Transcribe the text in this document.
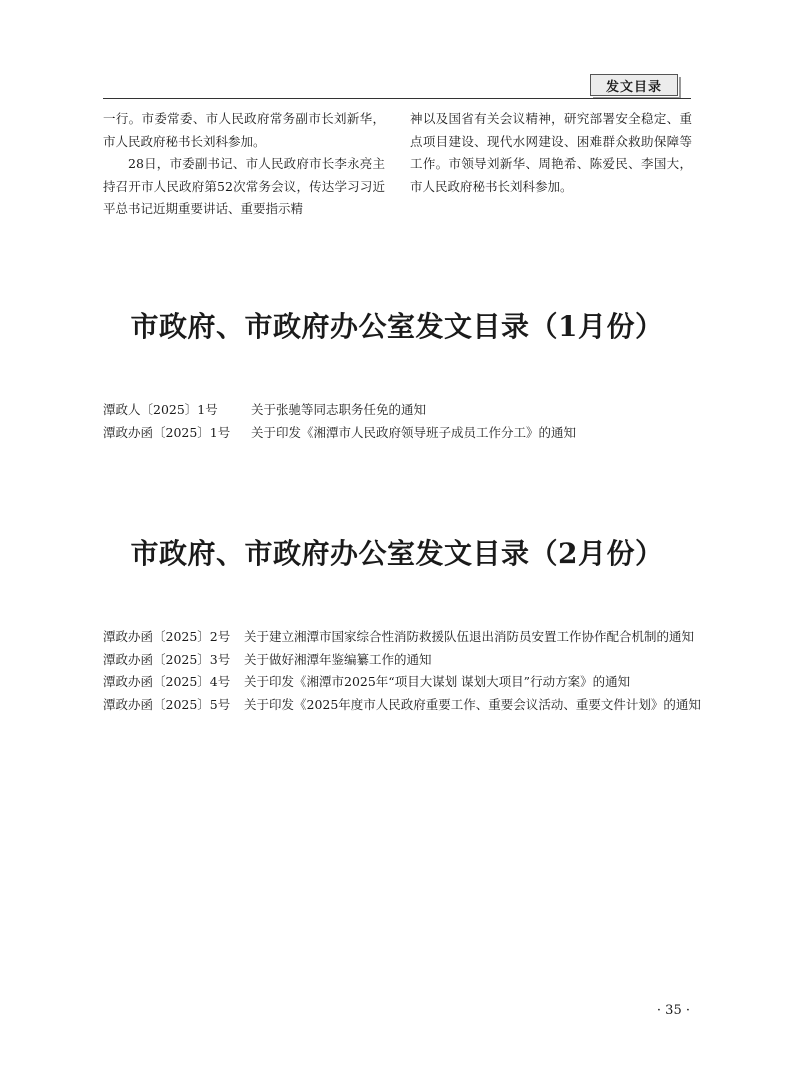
发文目录

一行。市委常委、市人民政府常务副市长刘新华，市人民政府秘书长刘科参加。

28日，市委副书记、市人民政府市长李永亮主持召开市人民政府第52次常务会议，传达学习习近平总书记近期重要讲话、重要指示精

神以及国省有关会议精神，研究部署安全稳定、重点项目建设、现代水网建设、困难群众救助保障等工作。市领导刘新华、周艳希、陈爱民、李国大，市人民政府秘书长刘科参加。

市政府、市政府办公室发文目录（1月份）
潭政人〔2025〕1号	关于张驰等同志职务任免的通知
潭政办函〔2025〕1号	关于印发《湘潭市人民政府领导班子成员工作分工》的通知
市政府、市政府办公室发文目录（2月份）
潭政办函〔2025〕2号	关于建立湘潭市国家综合性消防救援队伍退出消防员安置工作协作配合机制的通知
潭政办函〔2025〕3号	关于做好湘潭年鉴编纂工作的通知
潭政办函〔2025〕4号	关于印发《湘潭市2025年“项目大谋划 谋划大项目”行动方案》的通知
潭政办函〔2025〕5号	关于印发《2025年度市人民政府重要工作、重要会议活动、重要文件计划》的通知
· 35 ·
